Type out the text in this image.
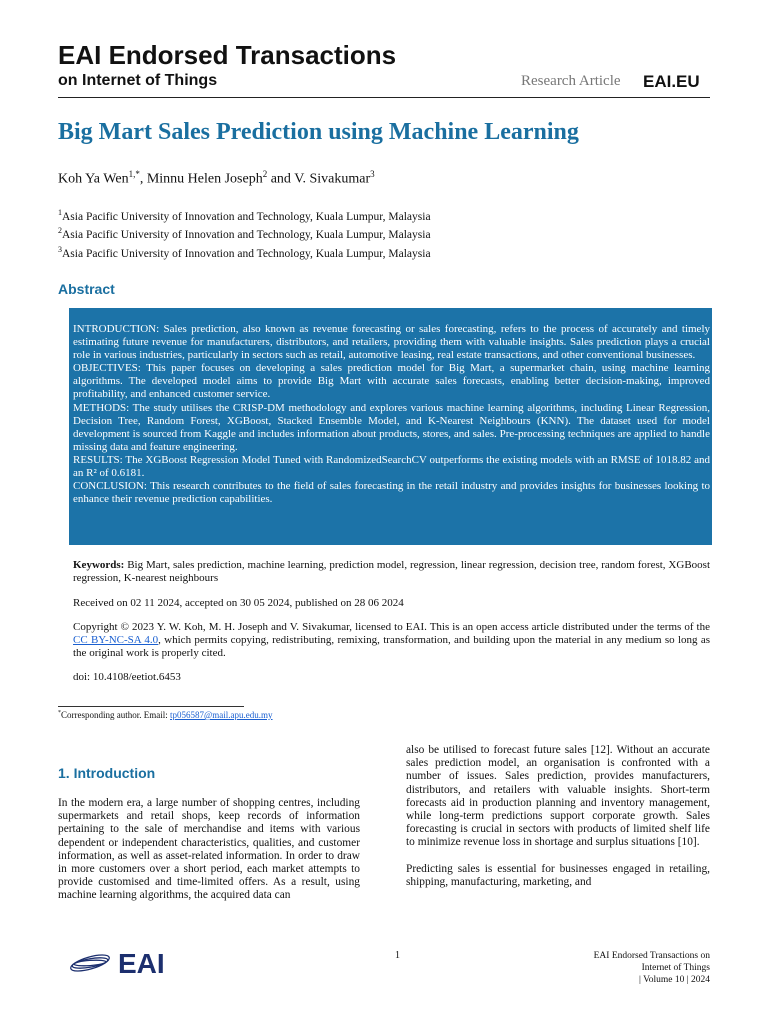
EAI Endorsed Transactions
on Internet of Things	Research Article EAI.EU
Big Mart Sales Prediction using Machine Learning
Koh Ya Wen$^{1,*}$, Minnu Helen Joseph$^2$ and V. Sivakumar$^3$
$^1$Asia Pacific University of Innovation and Technology, Kuala Lumpur, Malaysia
$^2$Asia Pacific University of Innovation and Technology, Kuala Lumpur, Malaysia
$^3$Asia Pacific University of Innovation and Technology, Kuala Lumpur, Malaysia
Abstract

INTRODUCTION: Sales prediction, also known as revenue forecasting or sales forecasting, refers to the process of accurately and timely estimating future revenue for manufacturers, distributors, and retailers, providing them with valuable insights. Sales prediction plays a crucial role in various industries, particularly in sectors such as retail, automotive leasing, real estate transactions, and other conventional businesses.

OBJECTIVES: This paper focuses on developing a sales prediction model for Big Mart, a supermarket chain, using machine learning algorithms. The developed model aims to provide Big Mart with accurate sales forecasts, enabling better decision-making, improved profitability, and enhanced customer service.

METHODS: The study utilises the CRISP-DM methodology and explores various machine learning algorithms, including Linear Regression, Decision Tree, Random Forest, XGBoost, Stacked Ensemble Model, and K-Nearest Neighbours (KNN). The dataset used for model development is sourced from Kaggle and includes information about products, stores, and sales. Pre-processing techniques are applied to handle missing data and feature engineering.

RESULTS: The XGBoost Regression Model Tuned with RandomizedSearchCV outperforms the existing models with an RMSE of 1018.82 and an R² of 0.6181.

CONCLUSION: This research contributes to the field of sales forecasting in the retail industry and provides insights for businesses looking to enhance their revenue prediction capabilities.

Keywords: Big Mart, sales prediction, machine learning, prediction model, regression, linear regression, decision tree, random forest, XGBoost regression, K-nearest neighbours
Received on 02 11 2024, accepted on 30 05 2024, published on 28 06 2024
Copyright © 2023 Y. W. Koh, M. H. Joseph and V. Sivakumar, licensed to EAI. This is an open access article distributed under the terms of the CC BY-NC-SA 4.0, which permits copying, redistributing, remixing, transformation, and building upon the material in any medium so long as the original work is properly cited.
doi: 10.4108/eetiot.6453
*Corresponding author. Email: tp056587@mail.apu.edu.my
1. Introduction

In the modern era, a large number of shopping centres, including supermarkets and retail shops, keep records of information pertaining to the sale of merchandise and items with various dependent or independent characteristics, qualities, and customer information, as well as asset-related information. In order to draw in more customers over a short period, each market attempts to provide customised and time-limited offers. As a result, using machine learning algorithms, the acquired data can

also be utilised to forecast future sales [12]. Without an accurate sales prediction model, an organisation is confronted with a number of issues. Sales prediction, provides manufacturers, distributors, and retailers with valuable insights. Short-term forecasts aid in production planning and inventory management, while long-term predictions support corporate growth. Sales forecasting is crucial in sectors with products of limited shelf life to minimize revenue loss in shortage and surplus situations [10].

Predicting sales is essential for businesses engaged in retailing, shipping, manufacturing, marketing, and

EAI	1	EAI Endorsed Transactions on
Internet of Things
| Volume 10 | 2024
